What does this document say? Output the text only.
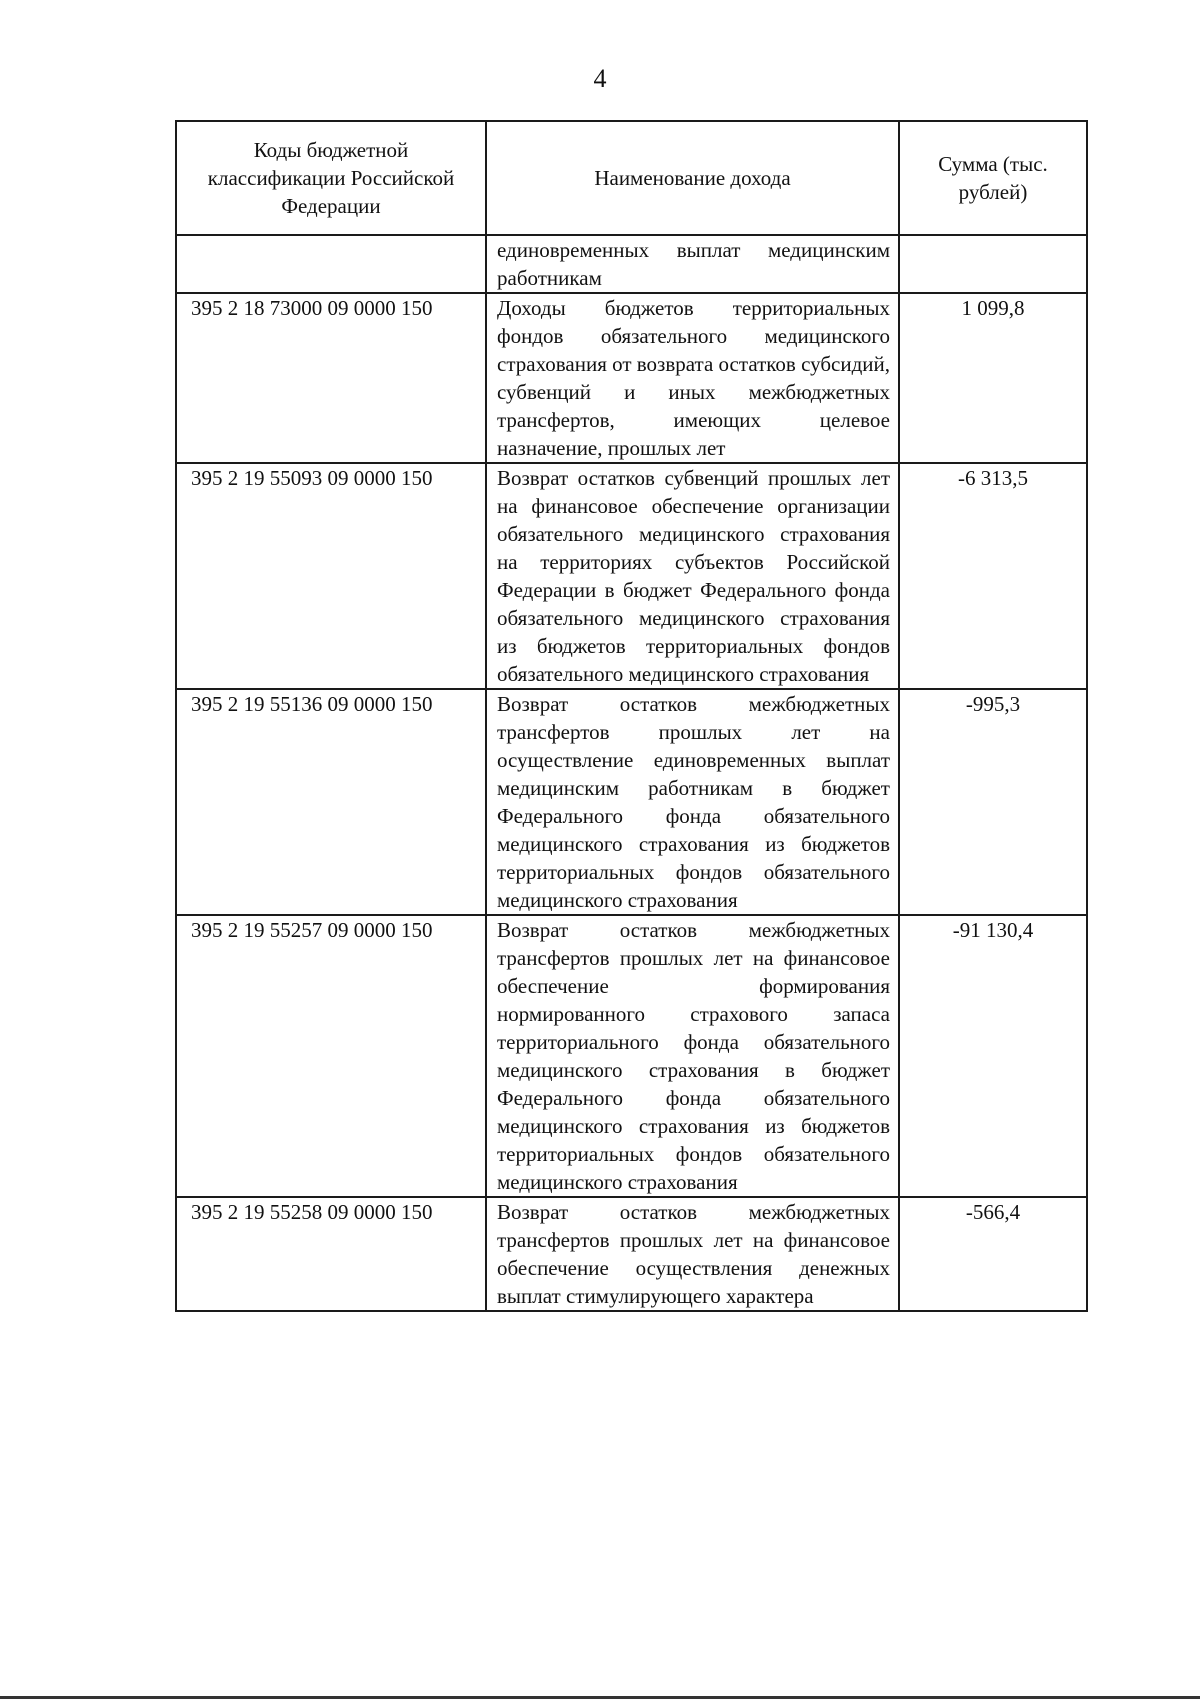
4
Коды бюджетной классификации Российской Федерации	Наименование дохода	Сумма (тыс. рублей)
	единовременных выплат медицинским работникам	
395 2 18 73000 09 0000 150	Доходы бюджетов территориальных фондов обязательного медицинского страхования от возврата остатков субсидий, субвенций и иных межбюджетных трансфертов, имеющих целевое назначение, прошлых лет	1 099,8
395 2 19 55093 09 0000 150	Возврат остатков субвенций прошлых лет на финансовое обеспечение организации обязательного медицинского страхования на территориях субъектов Российской Федерации в бюджет Федерального фонда обязательного медицинского страхования из бюджетов территориальных фондов обязательного медицинского страхования	-6 313,5
395 2 19 55136 09 0000 150	Возврат остатков межбюджетных трансфертов прошлых лет на осуществление единовременных выплат медицинским работникам в бюджет Федерального фонда обязательного медицинского страхования из бюджетов территориальных фондов обязательного медицинского страхования	-995,3
395 2 19 55257 09 0000 150	Возврат остатков межбюджетных трансфертов прошлых лет на финансовое обеспечение формирования нормированного страхового запаса территориального фонда обязательного медицинского страхования в бюджет Федерального фонда обязательного медицинского страхования из бюджетов территориальных фондов обязательного медицинского страхования	-91 130,4
395 2 19 55258 09 0000 150	Возврат остатков межбюджетных трансфертов прошлых лет на финансовое обеспечение осуществления денежных выплат стимулирующего характера	-566,4
